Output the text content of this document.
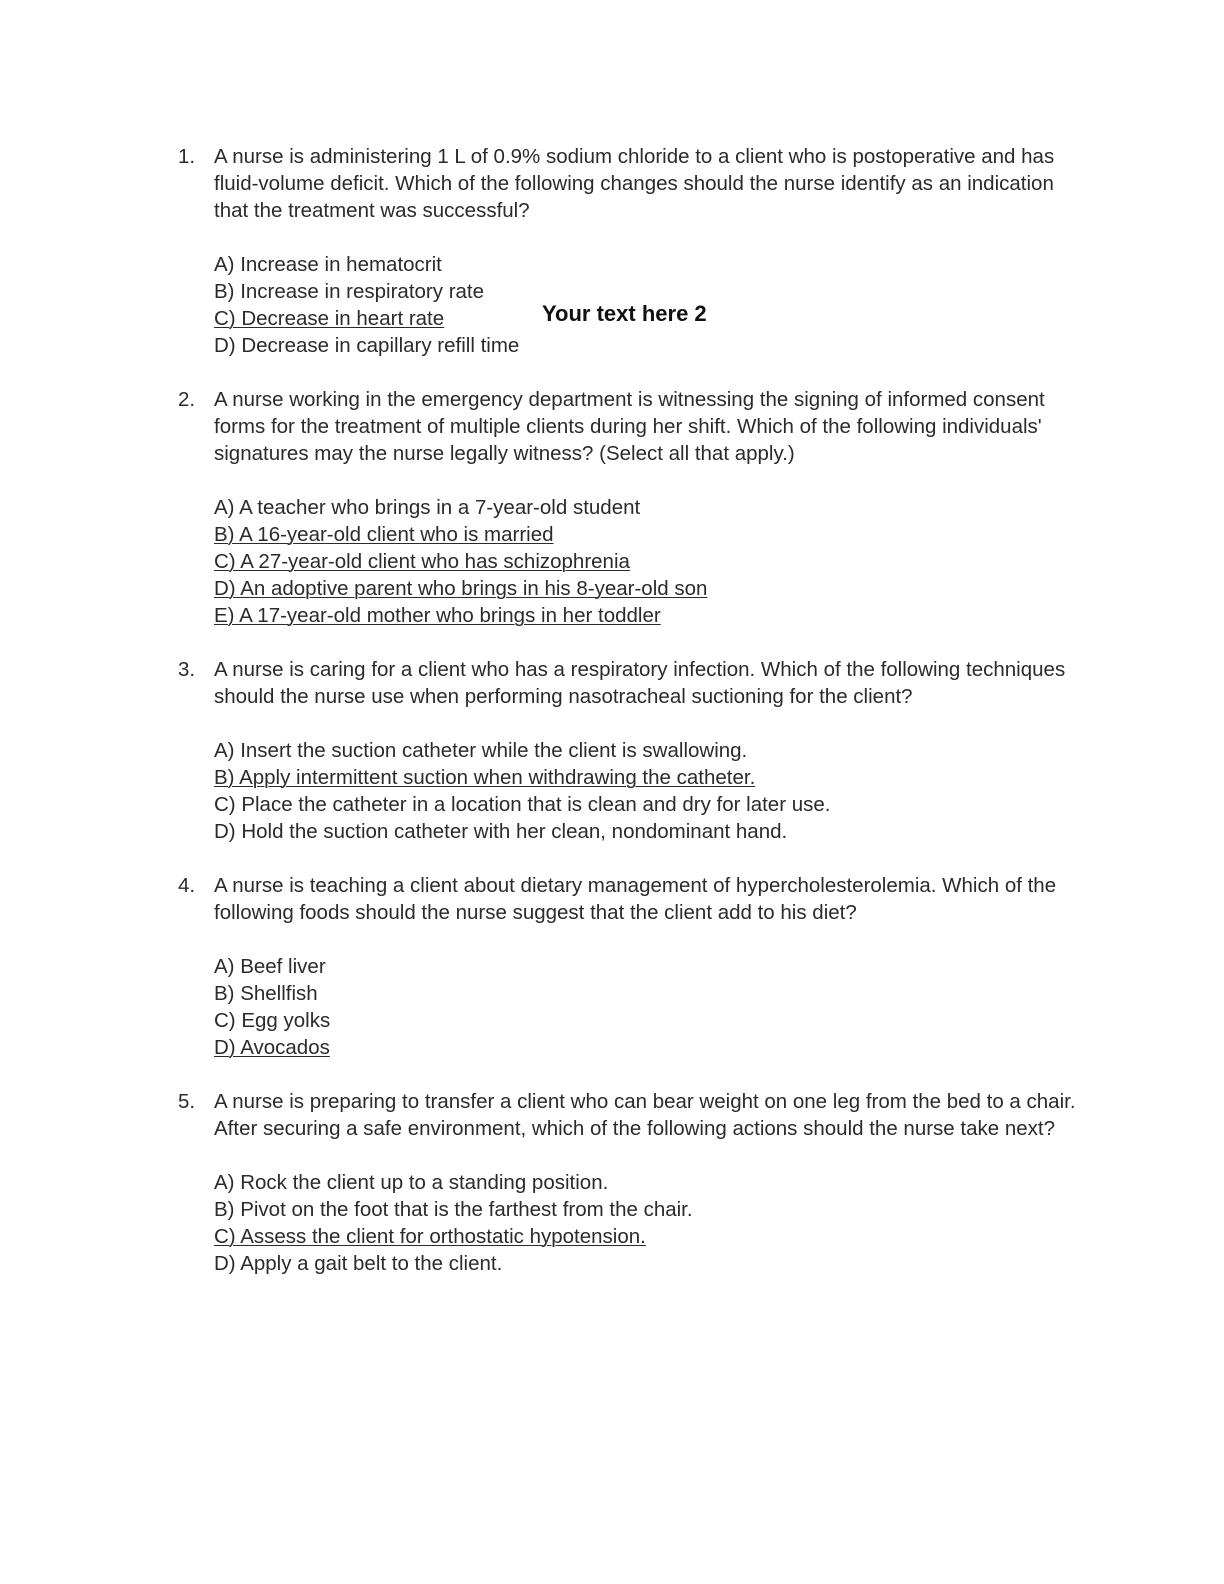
1. A nurse is administering 1 L of 0.9% sodium chloride to a client who is postoperative and has fluid-volume deficit. Which of the following changes should the nurse identify as an indication that the treatment was successful?
A) Increase in hematocrit
B) Increase in respiratory rate
C) Decrease in heart rate
D) Decrease in capillary refill time
2. A nurse working in the emergency department is witnessing the signing of informed consent forms for the treatment of multiple clients during her shift. Which of the following individuals' signatures may the nurse legally witness? (Select all that apply.)
A) A teacher who brings in a 7-year-old student
B) A 16-year-old client who is married
C) A 27-year-old client who has schizophrenia
D) An adoptive parent who brings in his 8-year-old son
E) A 17-year-old mother who brings in her toddler
3. A nurse is caring for a client who has a respiratory infection. Which of the following techniques should the nurse use when performing nasotracheal suctioning for the client?
A) Insert the suction catheter while the client is swallowing.
B) Apply intermittent suction when withdrawing the catheter.
C) Place the catheter in a location that is clean and dry for later use.
D) Hold the suction catheter with her clean, nondominant hand.
4. A nurse is teaching a client about dietary management of hypercholesterolemia. Which of the following foods should the nurse suggest that the client add to his diet?
A) Beef liver
B) Shellfish
C) Egg yolks
D) Avocados
5. A nurse is preparing to transfer a client who can bear weight on one leg from the bed to a chair. After securing a safe environment, which of the following actions should the nurse take next?
A) Rock the client up to a standing position.
B) Pivot on the foot that is the farthest from the chair.
C) Assess the client for orthostatic hypotension.
D) Apply a gait belt to the client.
Your text here 2
